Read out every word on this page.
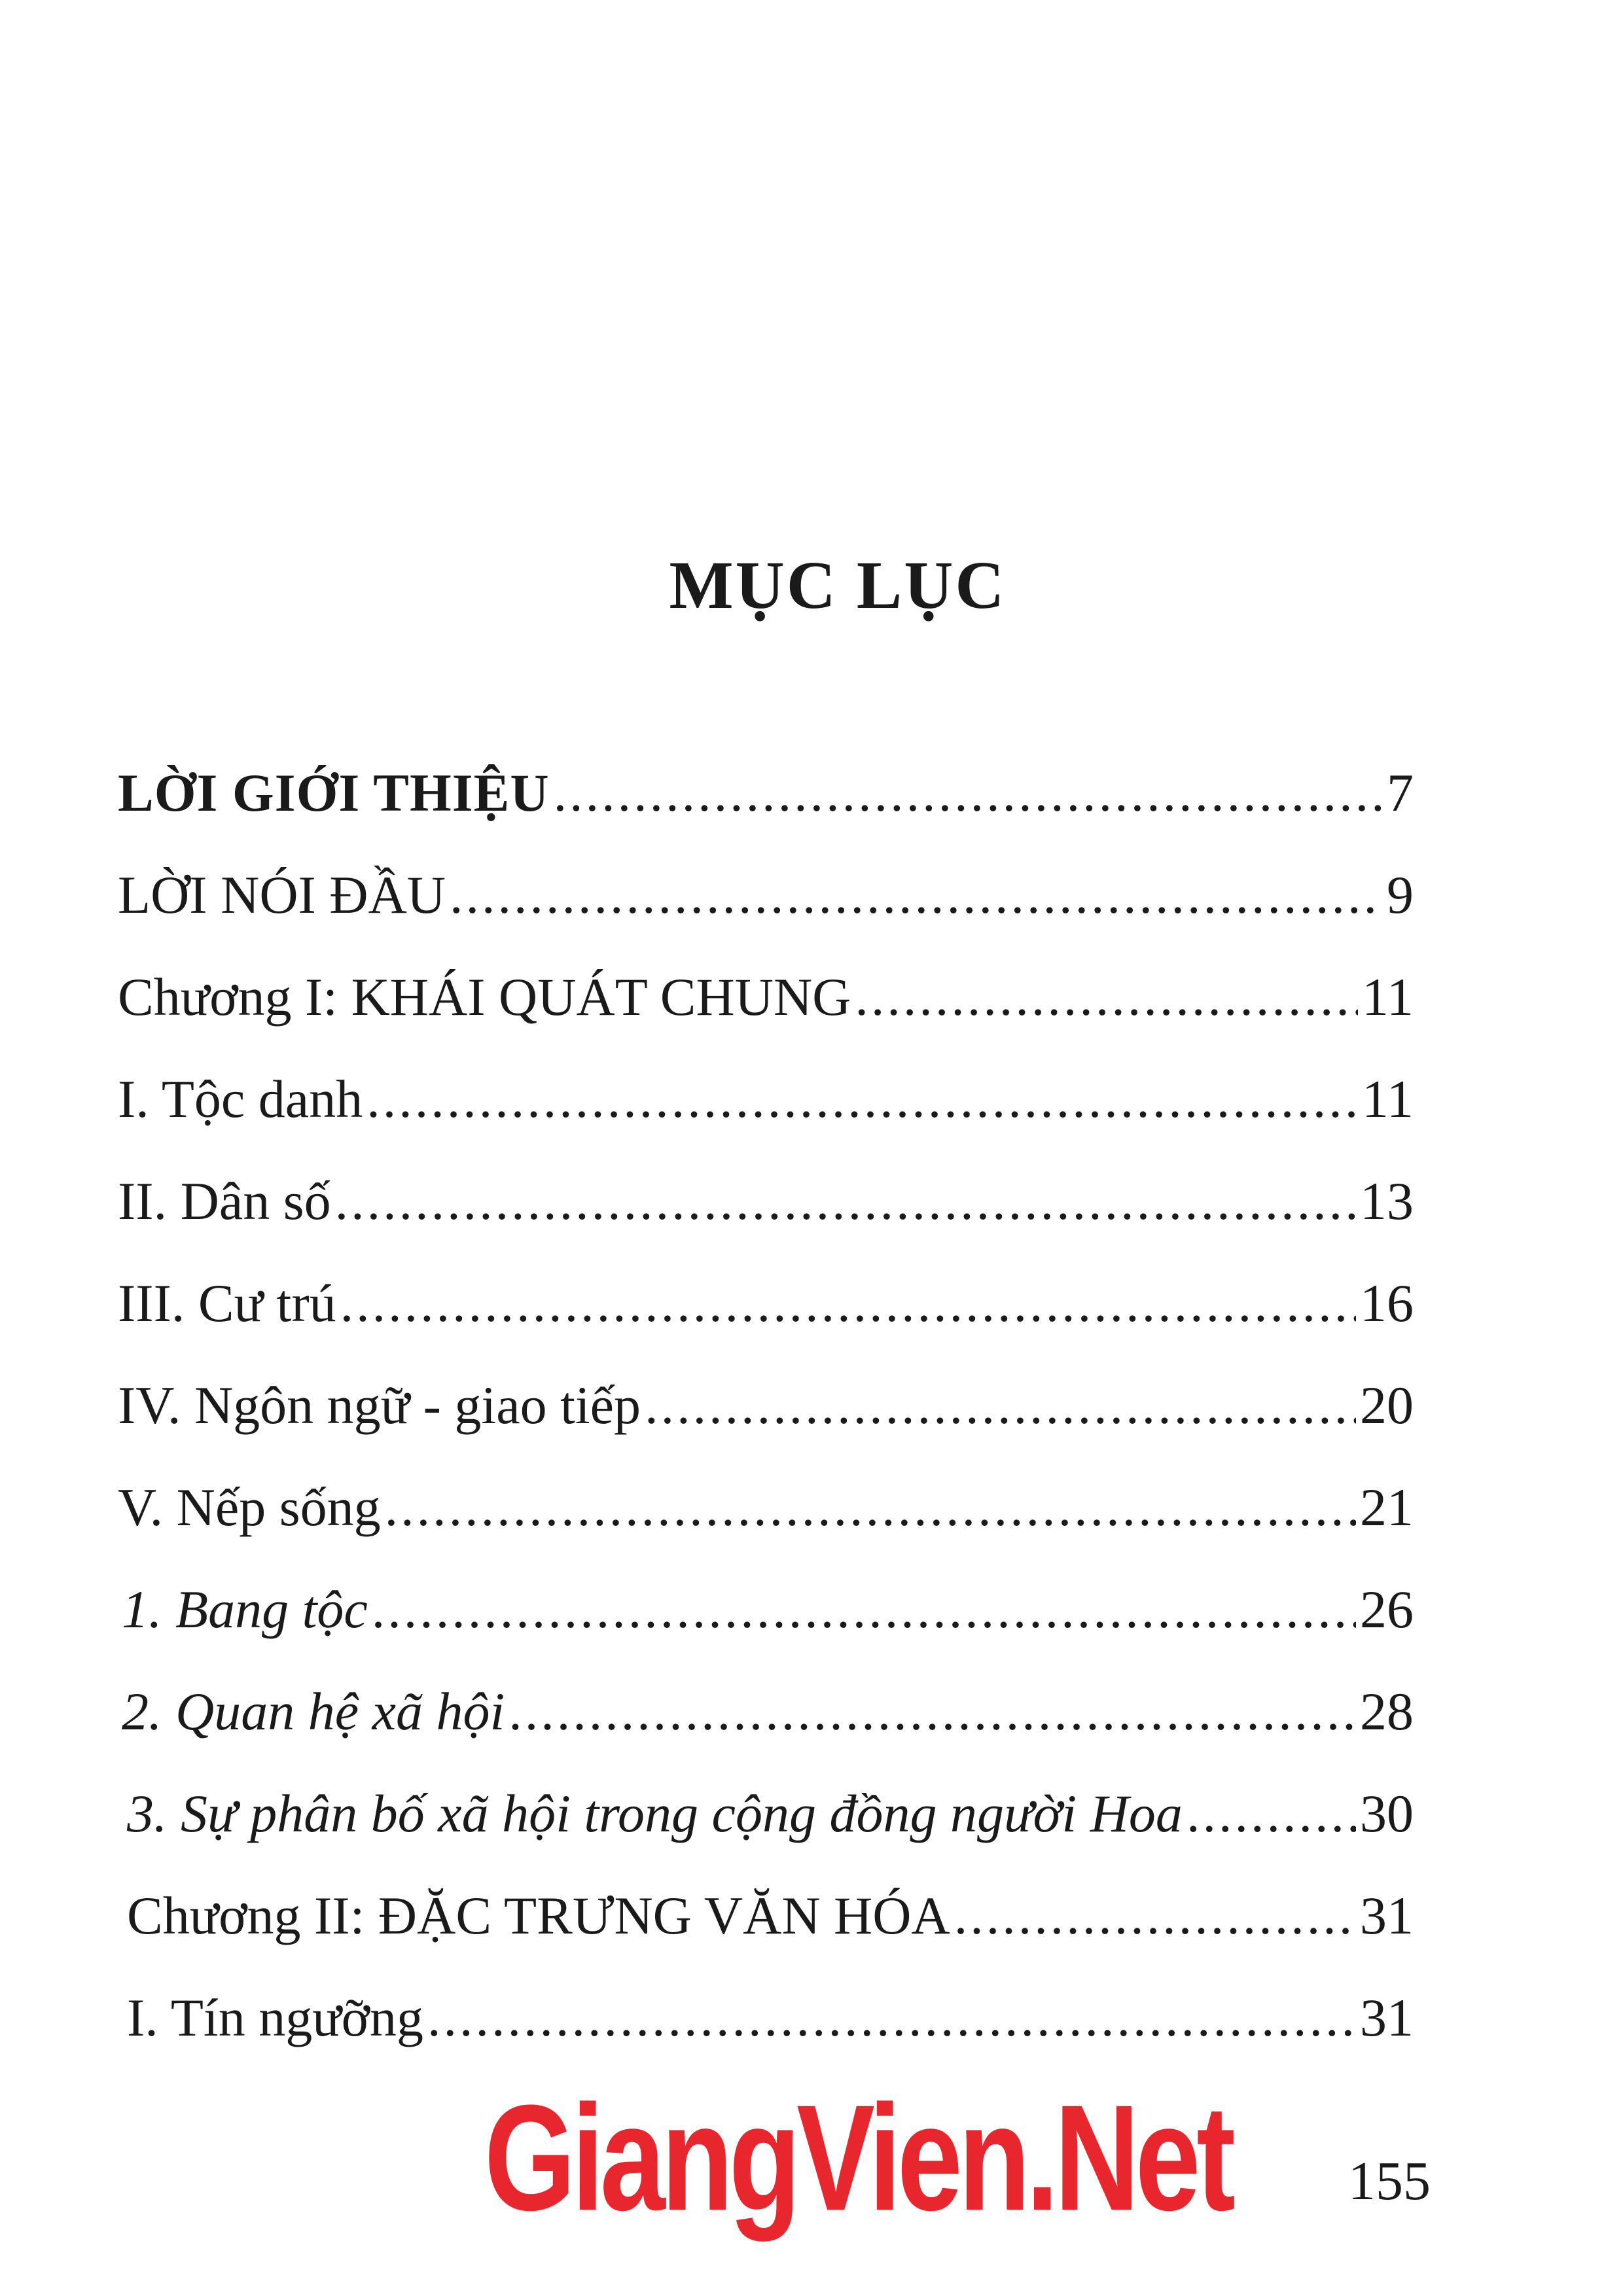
MỤC LỤC
LỜI GIỚI THIỆU .....	7
LỜI NÓI ĐẦU .....	9
Chương I: KHÁI QUÁT CHUNG .....	11
I. Tộc danh .....	11
II. Dân số .....	13
III. Cư trú .....	16
IV. Ngôn ngữ - giao tiếp .....	20
V. Nếp sống .....	21
1. Bang tộc .....	26
2. Quan hệ xã hội .....	28
3. Sự phân bố xã hội trong cộng đồng người Hoa .....	30
Chương II: ĐẶC TRƯNG VĂN HÓA .....	31
I. Tín ngưỡng .....	31
GiangVien.Net 155
